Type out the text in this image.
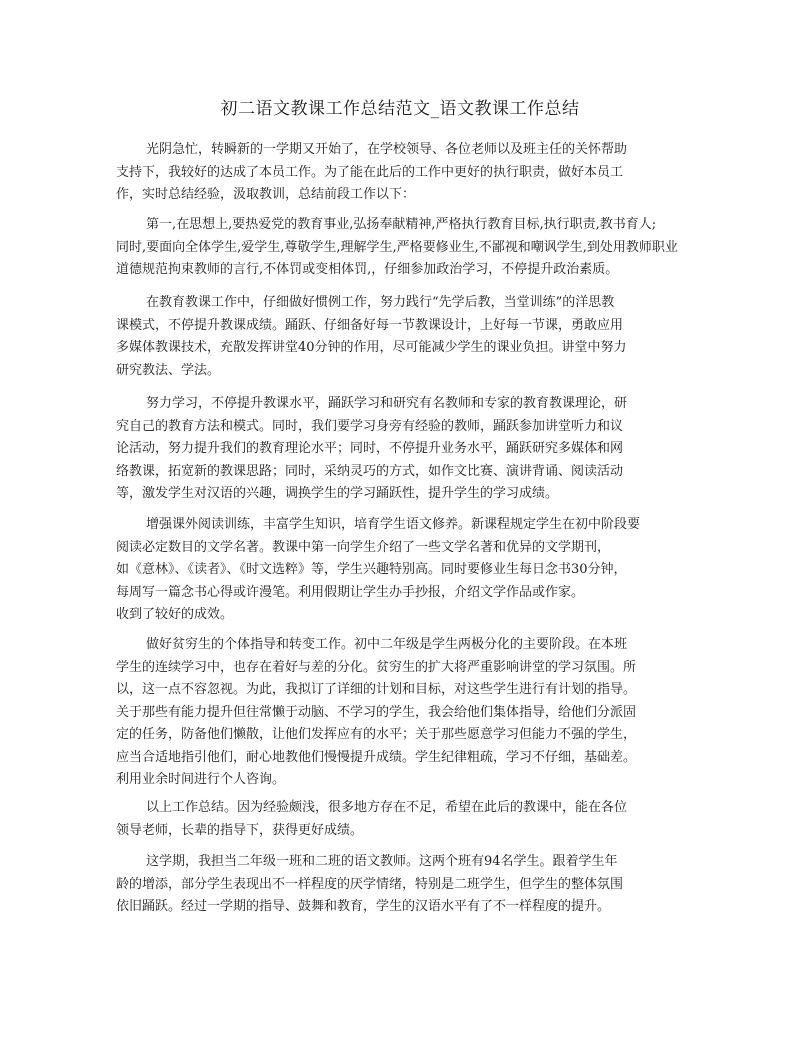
初二语文教课工作总结范文_语文教课工作总结
光阴急忙，转瞬新的一学期又开始了，在学校领导、各位老师以及班主任的关怀帮助
支持下，我较好的达成了本员工作。为了能在此后的工作中更好的执行职责，做好本员工
作，实时总结经验，汲取教训，总结前段工作以下：
第一,在思想上,要热爱党的教育事业,弘扬奉献精神,严格执行教育目标,执行职责,教书育人;
同时,要面向全体学生,爱学生,尊敬学生,理解学生,严格要修业生,不鄙视和嘲讽学生,到处用教师职业
道德规范拘束教师的言行,不体罚或变相体罚,，仔细参加政治学习，不停提升政治素质。
在教育教课工作中，仔细做好惯例工作，努力践行“先学后教，当堂训练”的洋思教
课模式，不停提升教课成绩。踊跃、仔细备好每一节教课设计，上好每一节课，勇敢应用
多媒体教课技术，充散发挥讲堂40分钟的作用，尽可能减少学生的课业负担。讲堂中努力
研究教法、学法。
努力学习，不停提升教课水平，踊跃学习和研究有名教师和专家的教育教课理论，研
究自己的教育方法和模式。同时，我们要学习身旁有经验的教师，踊跃参加讲堂听力和议
论活动，努力提升我们的教育理论水平；同时，不停提升业务水平，踊跃研究多媒体和网
络教课，拓宽新的教课思路；同时，采纳灵巧的方式，如作文比赛、演讲背诵、阅读活动
等，激发学生对汉语的兴趣，调换学生的学习踊跃性，提升学生的学习成绩。
增强课外阅读训练，丰富学生知识，培育学生语文修养。新课程规定学生在初中阶段要
阅读必定数目的文学名著。教课中第一向学生介绍了一些文学名著和优异的文学期刊，
如《意林》、《读者》、《时文选粹》等，学生兴趣特别高。同时要修业生每日念书30分钟，
每周写一篇念书心得或许漫笔。利用假期让学生办手抄报，介绍文学作品或作家。
收到了较好的成效。
做好贫穷生的个体指导和转变工作。初中二年级是学生两极分化的主要阶段。在本班
学生的连续学习中，也存在着好与差的分化。贫穷生的扩大将严重影响讲堂的学习氛围。所
以，这一点不容忽视。为此，我拟订了详细的计划和目标，对这些学生进行有计划的指导。
关于那些有能力提升但往常懒于动脑、不学习的学生，我会给他们集体指导，给他们分派固
定的任务，防备他们懒散，让他们发挥应有的水平；关于那些愿意学习但能力不强的学生，
应当合适地指引他们，耐心地教他们慢慢提升成绩。学生纪律粗疏，学习不仔细，基础差。
利用业余时间进行个人咨询。
以上工作总结。因为经验颇浅，很多地方存在不足，希望在此后的教课中，能在各位
领导老师，长辈的指导下，获得更好成绩。
这学期，我担当二年级一班和二班的语文教师。这两个班有94名学生。跟着学生年
龄的增添，部分学生表现出不一样程度的厌学情绪，特别是二班学生，但学生的整体氛围
依旧踊跃。经过一学期的指导、鼓舞和教育，学生的汉语水平有了不一样程度的提升。
